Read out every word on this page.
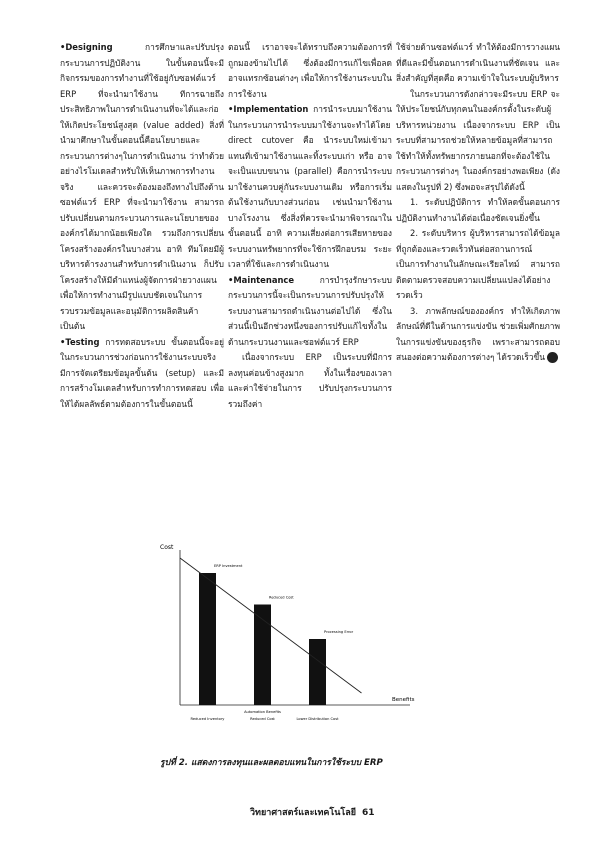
•Designing การศึกษาและปรับปรุงกระบวนการปฏิบัติงาน ในขั้นตอนนี้จะมีกิจกรรมของการทำงานที่ใช้อยู่กับซอฟต์แวร์ ERP ที่จะนำมาใช้งาน ทีการฉายถึงประสิทธิภาพในการดำเนินงานที่จะได้และก่อให้เกิดประโยชน์สูงสุด (value added) สิ่งที่นำมาศึกษาในขั้นตอนนี้คือนโยบายและกระบวนการต่างๆในการดำเนินงาน ว่าทำด้วยอย่างไรโมเดลสำหรับให้เห็นภาพการทำงานจริง และควรจะต้องมองถึงทางไปถึงด้านซอฟต์แวร์ ERP ที่จะนำมาใช้งาน สามารถปรับเปลี่ยนตามกระบวนการและนโยบายขององค์กรได้มากน้อยเพียงใด รวมถึงการเปลี่ยนโครงสร้างองค์กรในบางส่วน อาทิ ทีมโดยมีผู้บริหารด้ารงงานสำหรับการดำเนินงาน ก็ปรับโครงสร้างให้มีตำแหน่งผู้จัดการฝ่ายวางแผนเพื่อให้การทำงานมีรูปแบบชัดเจนในการรวบรวมข้อมูลและอนุมัติการผลิตสินค้า เป็นต้น

•Testing การทดสอบระบบ ขั้นตอนนี้จะอยู่ในกระบวนการช่วงก่อนการใช้งานระบบจริง มีการจัดเตรียมข้อมูลขั้นต้น (setup) และมีการสร้างโมเดลสำหรับการทำการทดสอบ เพื่อให้ได้ผลลัพธ์ตามต้องการในขั้นตอนนี้

ตอนนี้ เราอาจจะได้ทราบถึงความต้องการที่ถูกมองข้ามไปได้ ซึ่งต้องมีการแก้ไขเพื่อลดอาจแทรกซ้อนต่างๆ เพื่อให้การใช้งานระบบในการใช้งาน

•Implementation การนำระบบมาใช้งาน ในกระบวนการนำระบบมาใช้งานจะทำได้โดย direct cutover คือ นำระบบใหม่เข้ามาแทนที่เข้ามาใช้งานและทิ้งระบบเก่า หรือ อาจจะเป็นแบบขนาน (parallel) คือการนำระบบมาใช้งานควบคู่กันระบบงานเดิม หรือการเริ่มต้นใช้งานกับบางส่วนก่อน เช่นนำมาใช้งานบางโรงงาน ซึ่งสิ่งที่ควรจะนำมาพิจารณาในขั้นตอนนี้ อาทิ ความเสี่ยงต่อการเสียหายของระบบงานทรัพยากรที่จะใช้การฝึกอบรม ระยะเวลาที่ใช้และการดำเนินงาน

•Maintenance การบำรุงรักษาระบบ กระบวนการนี้จะเป็นกระบวนการปรับปรุงให้ระบบงานสามารถดำเนินงานต่อไปได้ ซึ่งในส่วนนี้เป็นอีกช่วงหนึ่งของการปรับแก้ไขทั้งในด้านกระบวนงานและซอฟต์แวร์ ERP

เนื่องจากระบบ ERP เป็นระบบที่มีการลงทุนค่อนข้างสูงมาก ทั้งในเรื่องของเวลา และค่าใช้จ่ายในการ ปรับปรุงกระบวนการ รวมถึงค่า

ใช้จ่ายด้านซอฟต์แวร์ ทำให้ต้องมีการวางแผนที่ดีและมีขั้นตอนการดำเนินงานที่ชัดเจน และสิ่งสำคัญที่สุดคือ ความเข้าใจในระบบผู้บริหาร

ในกระบวนการดังกล่าวจะมีระบบ ERP จะให้ประโยชน์กับทุกคนในองค์กรตั้งในระดับผู้บริหารหน่วยงาน เนื่องจากระบบ ERP เป็นระบบที่สามารถช่วยให้หลายข้อมูลที่สามารถใช้ทำให้ทั้งทรัพยากรภายนอกที่จะต้องใช้ในกระบวนการต่างๆ ในองค์กรอย่างพอเพียง (ดังแสดงในรูปที่ 2) ซึ่งพอจะสรุปได้ดังนี้

1. ระดับปฏิบัติการ ทำให้ลดขั้นตอนการปฏิบัติงานทำงานได้ต่อเนื่องชัดเจนยิ่งขึ้น

2. ระดับบริหาร ผู้บริหารสามารถได้ข้อมูลที่ถูกต้องและรวดเร็วทันต่อสถานการณ์ เป็นการทำงานในลักษณะเรียลไทม์ สามารถติดตามตรวจสอบความเปลี่ยนแปลงได้อย่างรวดเร็ว

3. ภาพลักษณ์ขององค์กร ทำให้เกิดภาพลักษณ์ที่ดีในด้านการแข่งขัน ช่วยเพิ่มศักยภาพในการแข่งขันของธุรกิจ เพราะสามารถตอบสนองต่อความต้องการต่างๆ ได้รวดเร็วขึ้น

Cost
Benefits
ERP Investment
Reduced Inventory
Reduced Cost
Reduced Cost
Processing Error
Lower Distribution Cost
Automation Benefits
รูปที่ 2. แสดงการลงทุนและผลตอบแทนในการใช้ระบบ ERP
วิทยาศาสตร์และเทคโนโลยี 61
